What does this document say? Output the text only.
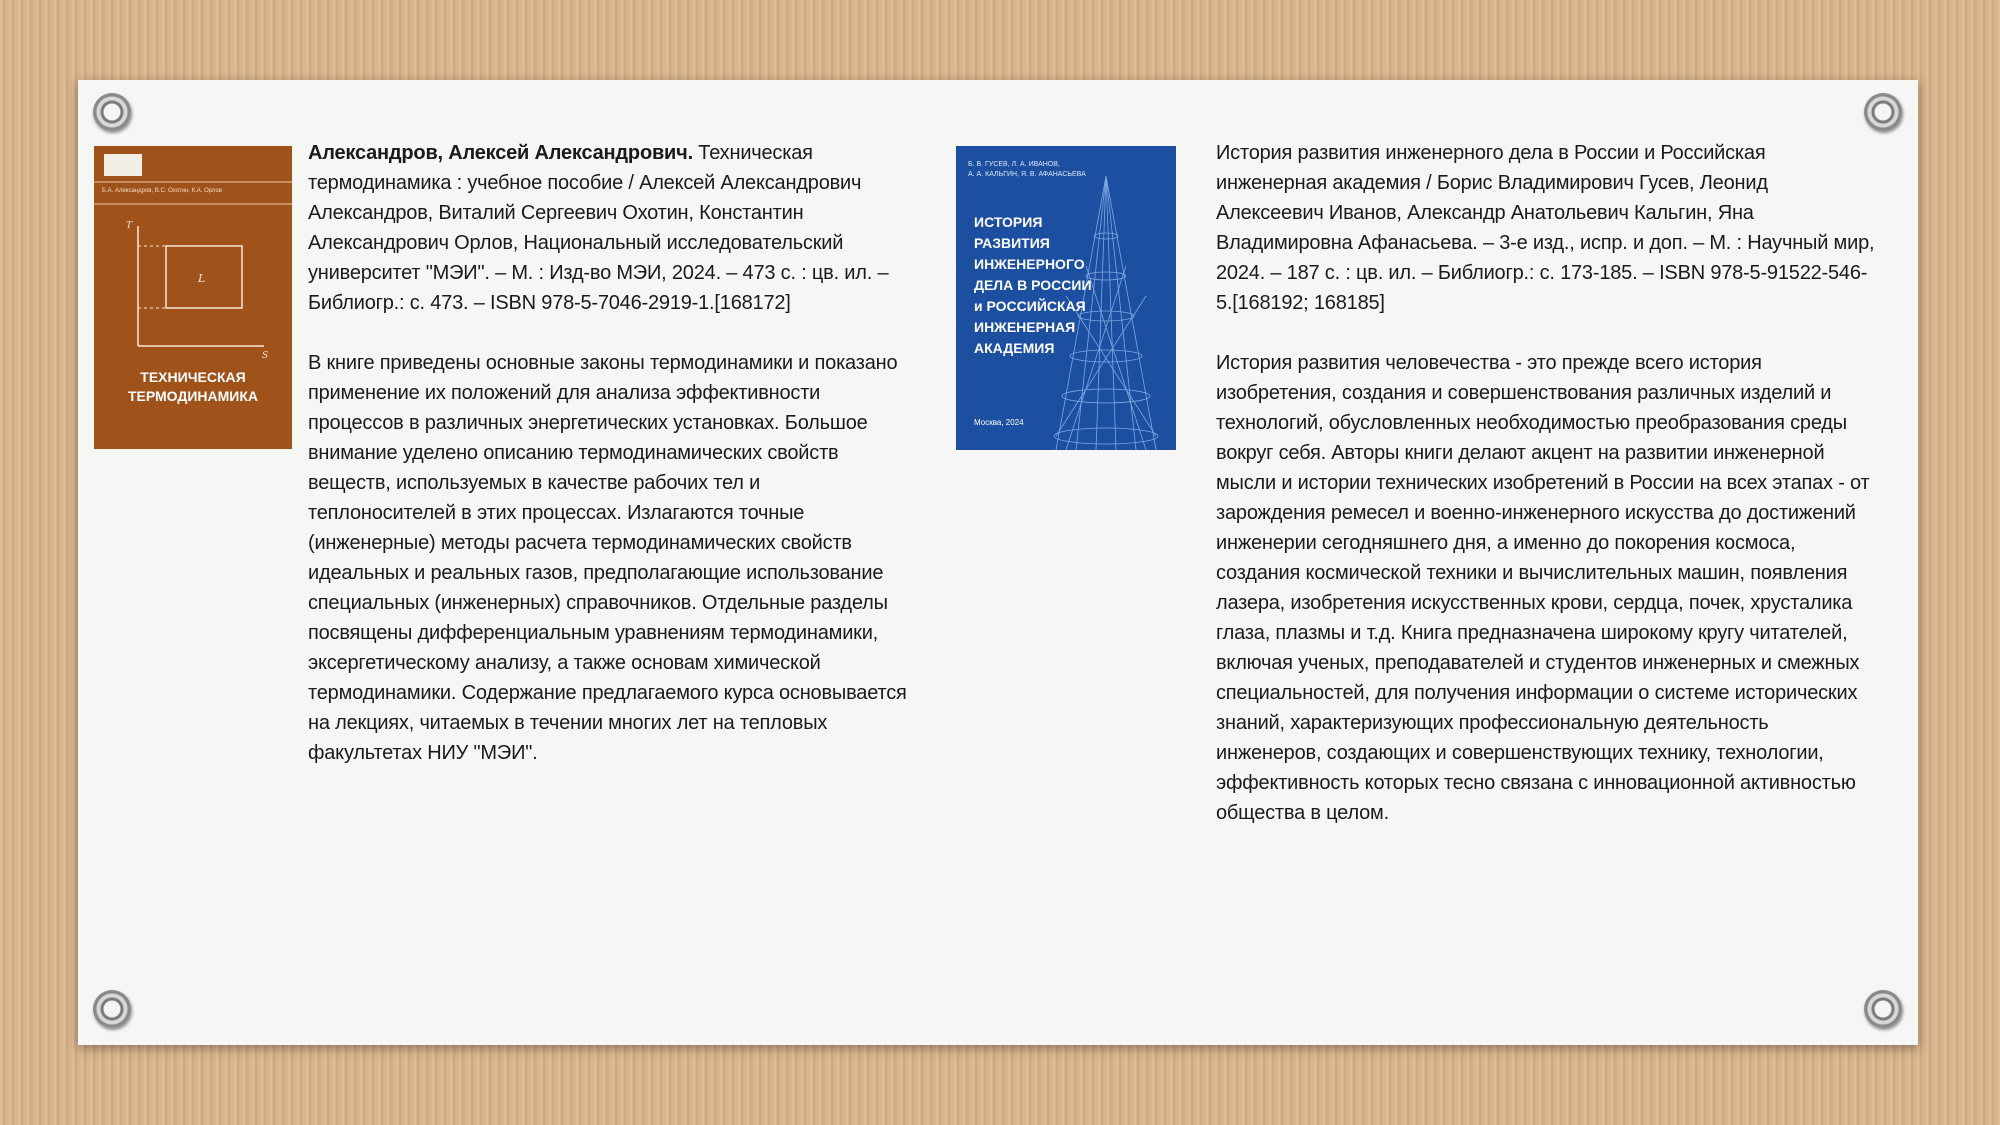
L
T
S
Б.А. Александров, В.С. Охотин, К.А. Орлов
ТЕХНИЧЕСКАЯ
ТЕРМОДИНАМИКА

Александров, Алексей Александрович. Техническая термодинамика : учебное пособие / Алексей Александрович Александров, Виталий Сергеевич Охотин, Константин Александрович Орлов, Национальный исследовательский университет "МЭИ". – М. : Изд-во МЭИ, 2024. – 473 с. : цв. ил. – Библиогр.: с. 473. – ISBN 978-5-7046-2919-1.[168172]

В книге приведены основные законы термодинамики и показано применение их положений для анализа эффективности процессов в различных энергетических установках. Большое внимание уделено описанию термодинамических свойств веществ, используемых в качестве рабочих тел и теплоносителей в этих процессах. Излагаются точные (инженерные) методы расчета термодинамических свойств идеальных и реальных газов, предполагающие использование специальных (инженерных) справочников. Отдельные разделы посвящены дифференциальным уравнениям термодинамики, эксергетическому анализу, а также основам химической термодинамики. Содержание предлагаемого курса основывается на лекциях, читаемых в течении многих лет на тепловых факультетах НИУ "МЭИ".

Б. В. ГУСЕВ, Л. А. ИВАНОВ,
А. А. КАЛЬГИН, Я. В. АФАНАСЬЕВА
ИСТОРИЯ
РАЗВИТИЯ
ИНЖЕНЕРНОГО
ДЕЛА В РОССИИ
и РОССИЙСКАЯ
ИНЖЕНЕРНАЯ
АКАДЕМИЯ
Москва, 2024

История развития инженерного дела в России и Российская инженерная академия / Борис Владимирович Гусев, Леонид Алексеевич Иванов, Александр Анатольевич Кальгин, Яна Владимировна Афанасьева. – 3-е изд., испр. и доп. – М. : Научный мир, 2024. – 187 с. : цв. ил. – Библиогр.: с. 173-185. – ISBN 978-5-91522-546-5.[168192; 168185]

История развития человечества - это прежде всего история изобретения, создания и совершенствования различных изделий и технологий, обусловленных необходимостью преобразования среды вокруг себя. Авторы книги делают акцент на развитии инженерной мысли и истории технических изобретений в России на всех этапах - от зарождения ремесел и военно-инженерного искусства до достижений инженерии сегодняшнего дня, а именно до покорения космоса, создания космической техники и вычислительных машин, появления лазера, изобретения искусственных крови, сердца, почек, хрусталика глаза, плазмы и т.д. Книга предназначена широкому кругу читателей, включая ученых, преподавателей и студентов инженерных и смежных специальностей, для получения информации о системе исторических знаний, характеризующих профессиональную деятельность инженеров, создающих и совершенствующих технику, технологии, эффективность которых тесно связана с инновационной активностью общества в целом.
